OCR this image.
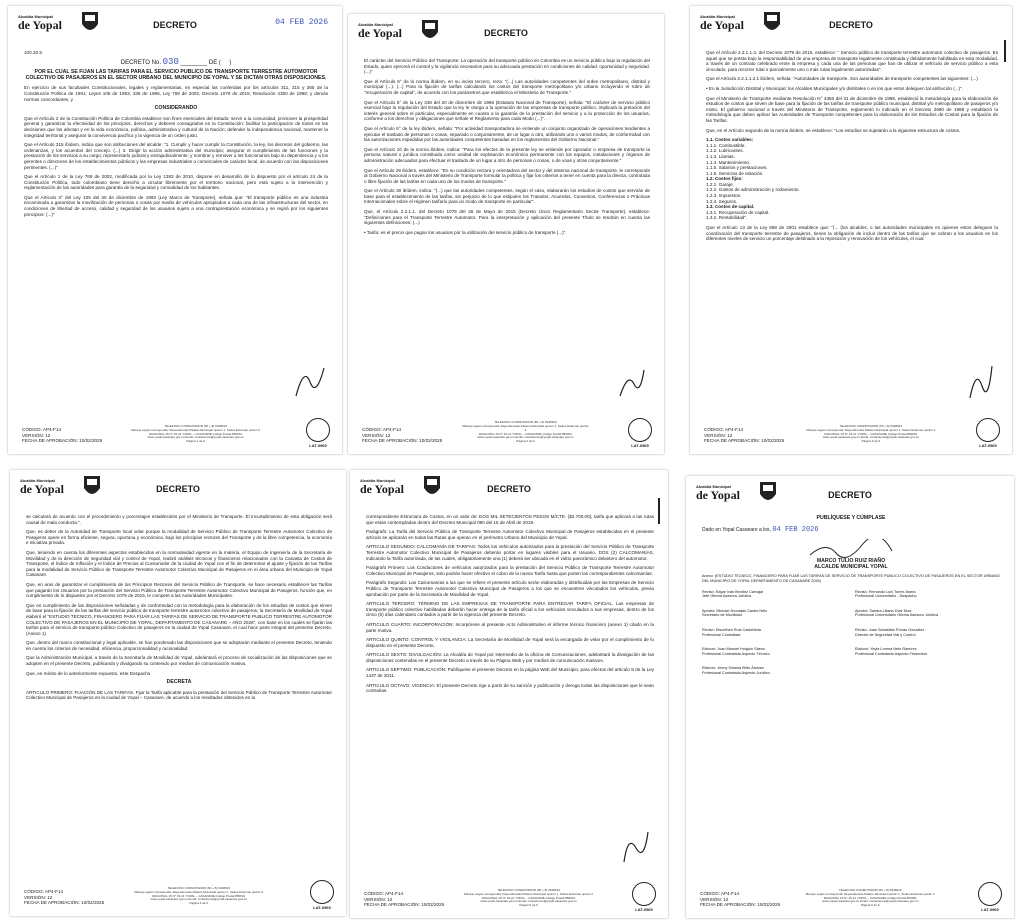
Alcaldía Municipal
de Yopal	DECRETO	04 FEB 2026

100.20.5

DECRETO No. 030 ________ DE (     )

POR EL CUAL SE FIJAN LAS TARIFAS PARA EL SERVICIO PUBLICO DE TRANSPORTE TERRESTRE AUTOMOTOR COLECTIVO DE PASAJEROS EN EL SECTOR URBANO DEL MUNICIPIO DE YOPAL Y SE DICTAN OTRAS DISPOSICIONES.

En ejercicio de sus facultades Constitucionales, legales y reglamentarias, en especial las conferidas por los artículos 311, 315 y 365 de la Constitución Política de 1991; Leyes 105 de 1993, 336 de 1996, Ley 769 de 2002, Decreto 1079 de 2015; Resolución 4350 de 1998; y demás normas concordantes, y

CONSIDERANDO

Que el Artículo 2 de la Constitución Política de Colombia establece son fines esenciales del Estado: servir a la comunidad, promover la prosperidad general y garantizar la efectividad de los principios, derechos y deberes consagrados en la Constitución; facilitar la participación de todos en las decisiones que los afectan y en la vida económica, política, administrativa y cultural de la Nación; defender la independencia nacional, mantener la integridad territorial y asegurar la convivencia pacífica y la vigencia de un orden justo.

Que el Artículo 315 ibídem, indica que son atribuciones del alcalde: "1. Cumplir y hacer cumplir la Constitución, la ley, los decretos del gobierno, las ordenanzas, y los acuerdos del concejo. (...) 3. Dirigir la acción administrativa del municipio; asegurar el cumplimiento de las funciones y la prestación de los servicios a su cargo; representarlo judicial y extrajudicialmente; y nombrar y remover a los funcionarios bajo su dependencia y a los gerentes o directores de los establecimientos públicos y las empresas industriales o comerciales de carácter local, de acuerdo con las disposiciones pertinentes. (...)"

Que el Artículo 1 de la Ley 769 de 2002, modificada por la Ley 1383 de 2010, dispone en desarrollo de lo dispuesto por el artículo 24 de la Constitución Política, todo colombiano tiene derecho a circular libremente por el territorio nacional, pero está sujeto a la intervención y reglamentación de las autoridades para garantía de la seguridad y comodidad de los habitantes.

Que el Artículo 3° del Ley 105 del 30 de diciembre de 1993 (Ley Marco de Transporte), señala que: "El transporte público es una industria encaminada a garantizar la movilización de personas o cosas por medio de vehículos apropiados a cada una de las infraestructuras del sector, en condiciones de libertad de acceso, calidad y seguridad de los usuarios sujeto a una contraprestación económica y se regirá por los siguientes principios: (...)"

CÓDIGO: AP4-F14
VERSIÓN: 12
FECHA DE APROBACIÓN: 10/02/2025
TELEFONO CONMUTADOR (60 + 8) 6348913
Marque según corresponda: Dependencias Palacio Municipal opción 1, Sedes Externas opción 2
DIAGONAL 15 N° 15-21 YOPAL – CASANARE Código Postal 850001
www.yopal-casanare.gov.co Email: contactenos@yopal-casanare.gov.co
Página 1 de 6
LAT-0969
Alcaldía Municipal
de Yopal	DECRETO

El carácter del Servicio Público del Transporte: La operación del transporte público en Colombia es un servicio público bajo la regulación del Estado, quien ejercerá el control y la vigilancia necesarios para su adecuada prestación en condiciones de calidad, oportunidad y seguridad. (...)"

Que el Artículo 6° de la norma ibídem, en su inciso tercero, reza: "(...) Las autoridades competentes del orden metropolitano, distrital y municipal (...). (...) Para la fijación de tarifas calculando los costos del transporte metropolitano y/o urbano incluyendo el rubro de "recuperación de capital", de acuerdo con los parámetros que establezca el Ministerio de Transporte."

Que el Artículo 5° de la Ley 336 del 20 de diciembre de 1996 (Estatuto Nacional de Transporte), señala: "El carácter de servicio público esencial bajo la regulación del Estado que la ley le otorga a la operación de las empresas de transporte público, implicará la prelación del interés general sobre el particular, especialmente en cuanto a la garantía de la prestación del servicio y a la protección de los usuarios, conforme a los derechos y obligaciones que señale el Reglamento para cada Modo (...)".

Que el Artículo 6° de la ley ibídem, señala: "Por actividad transportadora se entiende un conjunto organizado de operaciones tendientes a ejecutar el traslado de personas o cosas, separado o conjuntamente, de un lugar a otro, utilizando uno o varios modos, de conformidad con las autorizaciones expedidas por las autoridades competentes basadas en los reglamentos del Gobierno Nacional."

Que el Artículo 10 de la norma ibídem, indica: "Para los efectos de la presente ley se entiende por operador o empresa de transporte la persona natural o jurídica constituida como unidad de explotación económica permanente con los equipos, instalaciones y órganos de administración adecuados para efectuar el traslado de un lugar a otro de personas o cosas, o de unas y otras conjuntamente."

Que el Artículo 29 ibídem, establece: "En su condición rectora y orientadora del sector y del sistema nacional de transporte, le corresponde al Gobierno Nacional a través del Ministerio de Transporte formular la política y fijar los criterios a tener en cuenta para la directa, controlada o libre fijación de las tarifas en cada uno de los modos de transporte."

Que el Artículo 30 ibídem, indica: "(...) que las autoridades competentes, según el caso, elaborarán los estudios de costos que servirán de base para el establecimiento de las tarifas, sin perjuicio de lo que estipulen los Tratados, Acuerdos, Convenios, Conferencias o Prácticas Internacionales sobre el régimen tarifario para un modo de transporte en particular".

Que, el Artículo 2.2.1.1. del Decreto 1079 del 26 de Mayo de 2015 (Decreto Único Reglamentario Sector Transporte), establece: "Definiciones para el Transporte Terrestre Automotor. Para la interpretación y aplicación del presente Título se tendrán en cuenta las siguientes definiciones: (...)

• Tarifa: es el precio que pagan los usuarios por la utilización del servicio público de transporte (...)".

CÓDIGO: AP4-F14
VERSIÓN: 12
FECHA DE APROBACIÓN: 10/02/2025
TELEFONO CONMUTADOR (60 + 8) 6348913
Marque según corresponda: Dependencias Palacio Municipal opción 1, Sedes Externas opción 2
DIAGONAL 15 N° 15-21 YOPAL – CASANARE Código Postal 850001
www.yopal-casanare.gov.co Email: contactenos@yopal-casanare.gov.co
Página 2 de 6
LAT-0969
Alcaldía Municipal
de Yopal	DECRETO

Que el Artículo 2.2.1.1.3. del Decreto 1079 de 2015, establece: " Servicio público de transporte terrestre automotor colectivo de pasajeros. Es aquel que se presta bajo la responsabilidad de una empresa de transporte legalmente constituida y debidamente habilitada en esta modalidad, a través de un contrato celebrado entre la empresa y cada una de las personas que han de utilizar el vehículo de servicio público a esta vinculado, para recorrer total o parcialmente uno o más rutas legalmente autorizadas".

Que el Artículo 2.2.1.1.2.1 ibídem, señala: "Autoridades de transporte. Son autoridades de transporte competentes las siguientes: (...)

• En la Jurisdicción Distrital y Municipal: los Alcaldes Municipales y/o distritales o en los que estos deleguen tal atribución (...)".

Que el Ministerio de Transporte mediante Resolución N° 4350 del 31 de diciembre de 1998, estableció la metodología para la elaboración de estudios de costos que sirven de base para la fijación de las tarifas de transporte público municipal, distrital y/o metropolitano de pasajeros y/o mixto. El gobierno nacional a través del Ministerio de Transporte, reglamentó lo indicado en el Decreto 2660 de 1998 y estableció la metodología que deben aplicar las Autoridades de Transporte competentes para la elaboración de los Estudios de Costos para la fijación de las Tarifas.

Que, en el Artículo segundo de la norma ibídem, se establece: "Los estudios se sujetarán a la siguiente estructura de costos.

1.1. Costos variables:
1.1.1. Combustible.
1.1.2. Lubricantes.
1.1.3. Llantas.
1.1.4. Mantenimiento.
1.1.5. Salarios y prestaciones.
1.1.6. Servicios de estación.
1.2. Costos fijos:
1.2.1. Garaje.
1.2.2. Gastos de administración y rodamiento.
1.2.3. Impuestos.
1.2.4. Seguros.
1.3. Costos de capital.
1.3.1. Recuperación de capital.
1.3.2. Rentabilidad".

Que el Artículo 13 de la Ley 688 de 2001 establece que: "(... (los alcaldes, o las autoridades municipales en quienes estos deleguen la coordinación del transporte terrestre de pasajeros, tienen la obligación de incluir dentro de las tarifas que se cobran a los usuarios en los diferentes niveles de servicio un porcentaje destinado a la reposición y renovación de los vehículos, el cual

CÓDIGO: AP4-F14
VERSIÓN: 12
FECHA DE APROBACIÓN: 10/02/2025
TELEFONO CONMUTADOR (60 + 8) 6348913
Marque según corresponda: Dependencias Palacio Municipal opción 1, Sedes Externas opción 2
DIAGONAL 15 N° 15-21 YOPAL – CASANARE Código Postal 850001
www.yopal-casanare.gov.co Email: contactenos@yopal-casanare.gov.co
Página 3 de 6
LAT-0969
Alcaldía Municipal
de Yopal	DECRETO

se calculará de acuerdo con el procedimiento y porcentajes establecidos por el Ministerio de Transporte. El incumplimiento de esta obligación será causal de mala conducta.".

Que, es deber de la Autoridad de Transporte local velar porque la modalidad de Servicio Público de Transporte Terrestre Automotor Colectivo de Pasajeros opere en forma eficiente, segura, oportuna y económica, bajo los principios rectores del Transporte y de la libre competencia, la economía e iniciativa privada.

Que, teniendo en cuenta los diferentes aspectos establecidos en la normatividad vigente en la materia, el Equipo de Ingeniería de la Secretaría de Movilidad y de la dirección de seguridad vial y control de Yopal, realizó análisis técnicos y financieros relacionados con la Canasta de Costos de Transporte, el Índice de Inflación y el Índice de Precios al Consumidor de la ciudad de Yopal con el fin de determinar el ajuste y fijación de las Tarifas para la modalidad de Servicio Público de Transporte Terrestre Automotor Colectivo Municipal de Pasajeros en el área urbana del Municipio de Yopal Casanare.

Que, en aras de garantizar el cumplimiento de los Principios Rectores del Servicio Público de Transporte, se hace necesario establecer las Tarifas que pagarán los Usuarios por la prestación del Servicio Público de Transporte Terrestre Automotor Colectivo Municipal de Pasajeros, función que, en cumplimiento de lo dispuesto por el Decreto 1079 de 2015, le compete a las Autoridades Municipales.

Que en cumplimiento de las disposiciones señaladas y de conformidad con la metodología para la elaboración de los estudios de costos que sirven de base para la fijación de las tarifas del servicio público de transporte terrestre automotor colectivo de pasajeros, la Secretaría de Movilidad de Yopal elaboró el "ESTUDIO TECNICO, FINANCIERO PARA FIJAR LAS TARIFAS DE SERVICIO DE TRANSPORTE PUBLICO TERRESTRE AUTOMOTOR COLECTIVO DE PASAJEROS EN EL MUNICIPIO DE YOPAL, DEPARTAMENTO DE CASANARE – AÑO 2026", con base en los cuales se fijarán las tarifas para el servicio de transporte público Colectivo de pasajeros en la ciudad de Yopal Casanare, el cual hace parte integral del presente Decreto. (Anexo 1)

Que, dentro del marco constitucional y legal aplicable, se han ponderado las disposiciones que se adoptarán mediante el presente Decreto, teniendo en cuenta los criterios de necesidad, eficiencia, proporcionalidad y racionalidad.

Que la Administración Municipal, a través de la Secretaría de Movilidad de Yopal, adelantará el proceso de socialización de las disposiciones que se adopten en el presente Decreto, publicando y divulgando su contenido por medios de comunicación masiva.

Que, en mérito de lo anteriormente expuesto, este Despacho

DECRETA

ARTICULO PRIMERO: FIJACIÓN DE LAS TARIFAS. Fijar la Tarifa aplicable para la prestación del Servicio Público de Transporte Terrestre Automotor Colectivo Municipal de Pasajeros en la ciudad de Yopal – Casanare, de acuerdo a los resultados obtenidos en la

CÓDIGO: AP4-F14
VERSIÓN: 12
FECHA DE APROBACIÓN: 10/02/2025
TELEFONO CONMUTADOR (60 + 8) 6348913
Marque según corresponda: Dependencias Palacio Municipal opción 1, Sedes Externas opción 2
DIAGONAL 15 N° 15-21 YOPAL – CASANARE Código Postal 850001
www.yopal-casanare.gov.co Email: contactenos@yopal-casanare.gov.co
Página 4 de 6
LAT-0969
Alcaldía Municipal
de Yopal	DECRETO

correspondiente Estructura de Costos, en un valor de: DOS MIL SETECIENTOS PESOS M/CTE. ($2.700,00), tarifa que aplicará a las rutas que están contempladas dentro del Decreto Municipal 090 del 15 de Abril de 2019.

Parágrafo: La Tarifa del Servicio Público de Transporte Terrestre Automotor Colectivo Municipal de Pasajeros establecidas en el presente artículo se aplicarán en todas las Rutas que operan en el perímetro Urbano del Municipio de Yopal.

ARTICULO SEGUNDO: CALCOMANÍA DE TARIFAS: Todos los vehículos autorizados para la prestación del Servicio Público de Transporte Terrestre Automotor Colectivo Municipal de Pasajeros deberán portar en lugares visibles para el Usuario, DOS (2) CALCOMANÍAS, indicando la Tarifa autorizada, de las cuales, obligatoriamente una (1) deberá ser ubicada en el vidrio panorámico delantero del automotor.

Parágrafo Primero: Los Conductores de vehículos autorizados para la prestación del Servicio Público de Transporte Terrestre Automotor Colectivo Municipal de Pasajeros, solo podrán hacer efectivo el cobro de la nueva Tarifa hasta que porten las correspondientes calcomanías.

Parágrafo Segundo: Las Calcomanías a las que se refiere el presente artículo serán elaboradas y distribuidas por las Empresas de Servicio Público de Transporte Terrestre Automotor Colectivo Municipal de Pasajeros a los que se encuentren vinculados los vehículos, previa aprobación por parte de la Secretaría de Movilidad de Yopal.

ARTICULO TERCERO: TÉRMINO DE LAS EMPRESAS DE TRANSPORTE PARA ENTREGAR TARIFA OFICIAL. Las empresas de transporte público colectivo habilitadas deberán hacer entrega de la tarifa oficial a los vehículos vinculados a sus empresas, dentro de los cinco (5) días calendario contados a partir de la vigencia del presente Decreto.

ARTICULO CUARTO: INCORPORACIÓN: Incorpórese al presente Acto Administrativo el informe técnico financiero (anexo 1) citado en la parte motiva.

ARTICULO QUINTO: CONTROL Y VIGILANCIA: La Secretaría de Movilidad de Yopal será la encargada de velar por el cumplimiento de lo dispuesto en el presente Decreto.

ARTICULO SEXTO: DIVULGACIÓN: La Alcaldía de Yopal por intermedio de la oficina de Comunicaciones, adelantará la divulgación de las disposiciones contenidas en el presente Decreto a través de su Página Web y por medios de comunicación masivos.

ARTICULO SEPTIMO: PUBLICACIÓN: Publíquese el presente Decreto en la página Web del Municipio, para efectos del artículo 8 de la Ley 1437 de 2011.

ARTICULO OCTAVO: VIGENCIA: El presente Decreto rige a partir de su sanción y publicación y deroga todas las disposiciones que le sean contrarias.

CÓDIGO: AP4-F14
VERSIÓN: 12
FECHA DE APROBACIÓN: 10/02/2025
TELEFONO CONMUTADOR (60 + 8) 6348913
Marque según corresponda: Dependencias Palacio Municipal opción 1, Sedes Externas opción 2
DIAGONAL 15 N° 15-21 YOPAL – CASANARE Código Postal 850001
www.yopal-casanare.gov.co Email: contactenos@yopal-casanare.gov.co
Página 5 de 6
LAT-0969
Alcaldía Municipal
de Yopal	DECRETO

PUBLÍQUESE Y CÚMPLASE

Dado en Yopal Casanare a los, 04 FEB 2026

MARCO TULIO RUIZ RIAÑO

ALCALDE MUNICIPAL YOPAL

Anexo: (ESTUDIO TECNICO, FINANCIERO PARA FIJAR LAS TARIFAS DE SERVICIO DE TRANSPORTE PUBLICO COLECTIVO DE PASAJEROS EN EL SECTOR URBANO DEL MUNICIPIO DE YOPAL DEPARTAMENTO DE CASANARE 2026)

Revisó: Edgar Iván Benítez Carvajal
Jefe Oficina Asesora Jurídica
Revisó: Fernando Luis Torres Ibarra
Profesional Universitario - Despacho
Aprobó: Michael Jhonatan Castro Niño
Secretario de Movilidad
Aprobó: Sandra Liliana Díaz Díaz
Profesional Universitario Oficina Asesora Jurídica
Revisó: Disoethen Ruiz Castañeda
Profesional Contratista
Revisó: Juan Sebastián Porras González
Director de Seguridad Vial y Control
Elaboró: Juan Manuel Holguín Sáenz
Profesional Contratado Aspecto Técnico
Elaboró: Yeyla Lorena Neto Ramírez
Profesional Contratado Aspecto Financiero
Elaboró: Jenny Ximena Brito Álvarez
Profesional Contratado Aspecto Jurídico
CÓDIGO: AP4-F14
VERSIÓN: 12
FECHA DE APROBACIÓN: 10/02/2025
TELEFONO CONMUTADOR (60 + 8) 6348913
Marque según corresponda: Dependencias Palacio Municipal opción 1, Sedes Externas opción 2
DIAGONAL 15 N° 15-21 YOPAL – CASANARE Código Postal 850001
www.yopal-casanare.gov.co Email: contactenos@yopal-casanare.gov.co
Página 6 de 6
LAT-0969
